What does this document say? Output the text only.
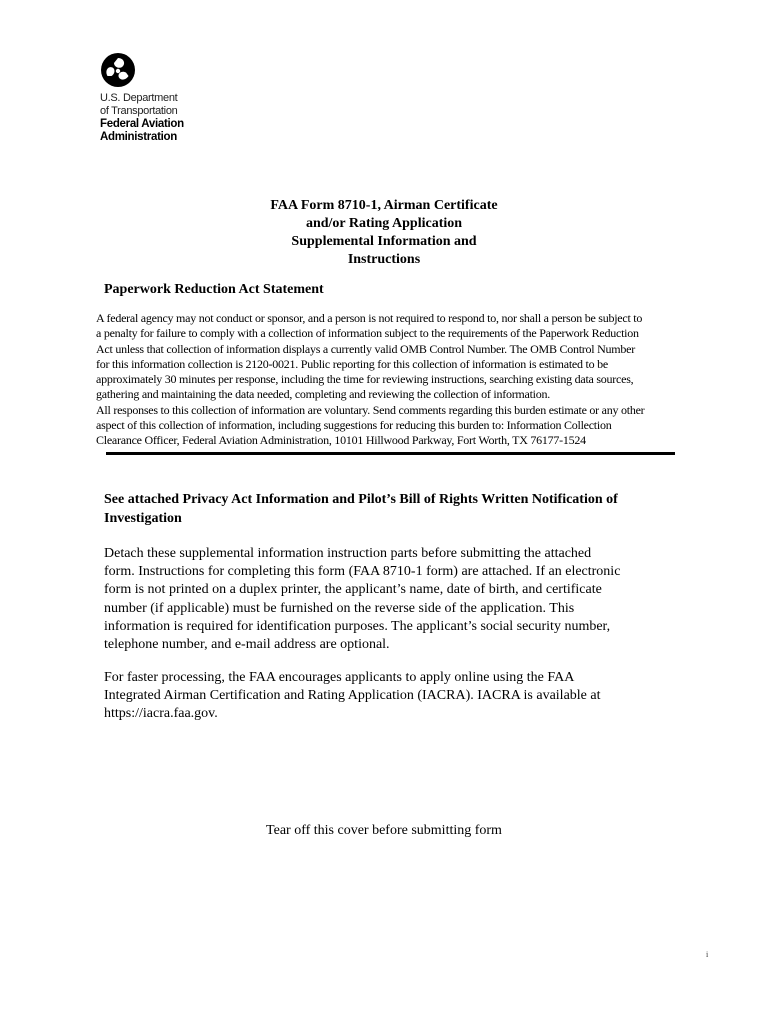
U.S. Department
of Transportation
Federal Aviation
Administration
FAA Form 8710-1, Airman Certificate
and/or Rating Application
Supplemental Information and
Instructions
Paperwork Reduction Act Statement
A federal agency may not conduct or sponsor, and a person is not required to respond to, nor shall a person be subject to
a penalty for failure to comply with a collection of information subject to the requirements of the Paperwork Reduction
Act unless that collection of information displays a currently valid OMB Control Number. The OMB Control Number
for this information collection is 2120-0021. Public reporting for this collection of information is estimated to be
approximately 30 minutes per response, including the time for reviewing instructions, searching existing data sources,
gathering and maintaining the data needed, completing and reviewing the collection of information.
All responses to this collection of information are voluntary. Send comments regarding this burden estimate or any other
aspect of this collection of information, including suggestions for reducing this burden to: Information Collection
Clearance Officer, Federal Aviation Administration, 10101 Hillwood Parkway, Fort Worth, TX 76177-1524
See attached Privacy Act Information and Pilot’s Bill of Rights Written Notification of
Investigation
Detach these supplemental information instruction parts before submitting the attached
form. Instructions for completing this form (FAA 8710-1 form) are attached. If an electronic
form is not printed on a duplex printer, the applicant’s name, date of birth, and certificate
number (if applicable) must be furnished on the reverse side of the application. This
information is required for identification purposes. The applicant’s social security number,
telephone number, and e-mail address are optional.
For faster processing, the FAA encourages applicants to apply online using the FAA
Integrated Airman Certification and Rating Application (IACRA). IACRA is available at
https://iacra.faa.gov.
Tear off this cover before submitting form
i
